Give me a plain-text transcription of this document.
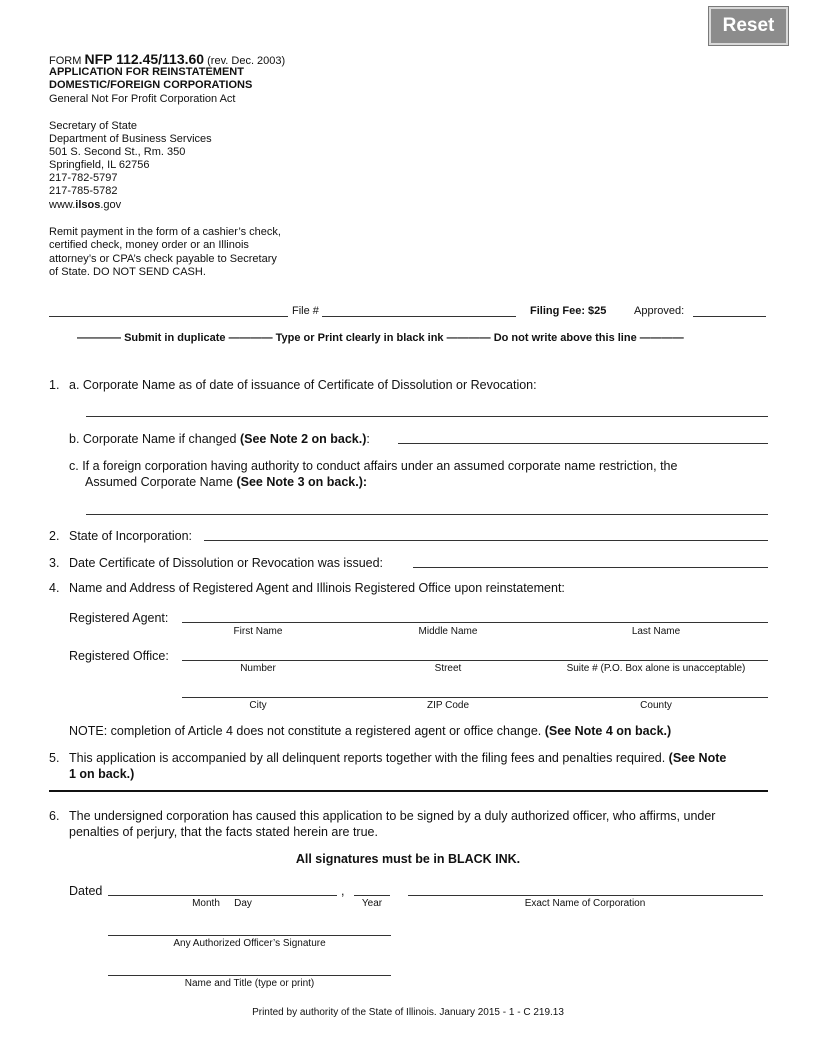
Reset
FORM NFP 112.45/113.60 (rev. Dec. 2003)
APPLICATION FOR REINSTATEMENT
DOMESTIC/FOREIGN CORPORATIONS
General Not For Profit Corporation Act
Secretary of State
Department of Business Services
501 S. Second St., Rm. 350
Springfield, IL 62756
217-782-5797
217-785-5782
www.ilsos.gov
Remit payment in the form of a cashier’s check,
certified check, money order or an Illinois
attorney’s or CPA’s check payable to Secretary
of State. DO NOT SEND CASH.
File #	Filing Fee: $25	Approved:
———— Submit in duplicate ———— Type or Print clearly in black ink ———— Do not write above this line ————
1. a. Corporate Name as of date of issuance of Certificate of Dissolution or Revocation:
b. Corporate Name if changed (See Note 2 on back.):
c. If a foreign corporation having authority to conduct affairs under an assumed corporate name restriction, the
Assumed Corporate Name (See Note 3 on back.):
2. State of Incorporation:
3. Date Certificate of Dissolution or Revocation was issued:
4. Name and Address of Registered Agent and Illinois Registered Office upon reinstatement:
Registered Agent:
First Name	Middle Name	Last Name
Registered Office:
Number	Street	Suite # (P.O. Box alone is unacceptable)
City	ZIP Code	County
NOTE: completion of Article 4 does not constitute a registered agent or office change. (See Note 4 on back.)
5. This application is accompanied by all delinquent reports together with the filing fees and penalties required. (See Note
1 on back.)
6. The undersigned corporation has caused this application to be signed by a duly authorized officer, who affirms, under
penalties of perjury, that the facts stated herein are true.
All signatures must be in BLACK INK.
Dated	,
Month	Day	Year	Exact Name of Corporation
Any Authorized Officer’s Signature
Name and Title (type or print)
Printed by authority of the State of Illinois. January 2015 - 1 - C 219.13
